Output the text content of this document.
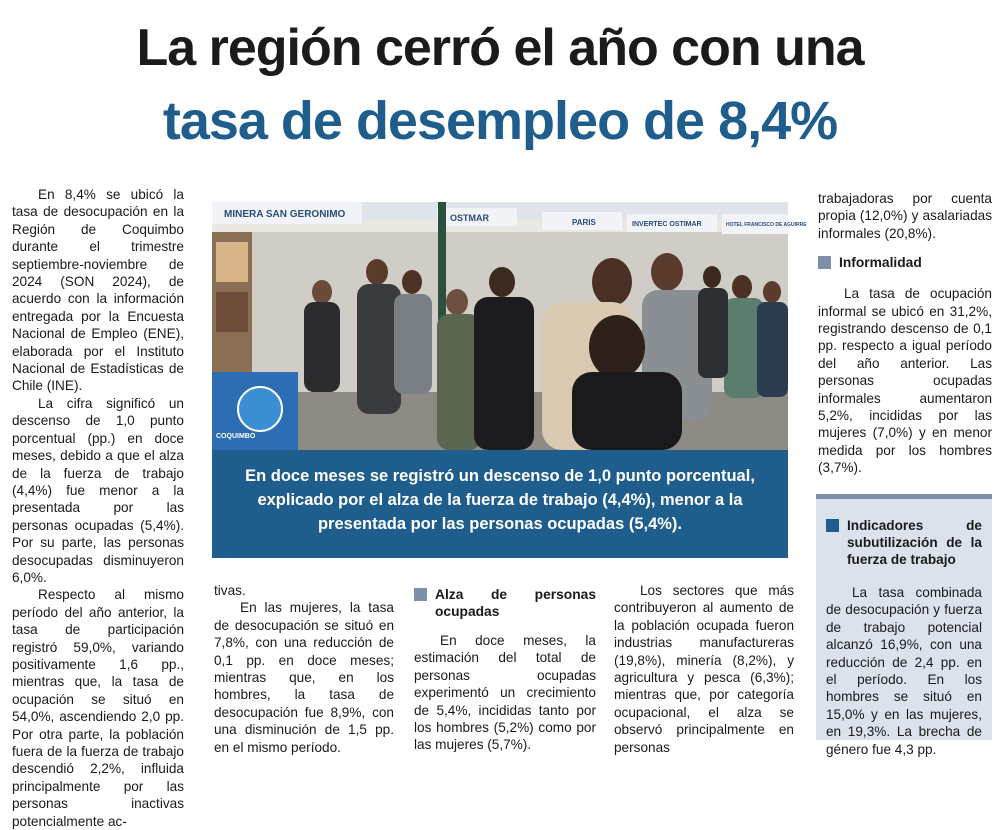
La región cerró el año con una
tasa de desempleo de 8,4%

En 8,4% se ubicó la tasa de desocupación en la Región de Coquimbo durante el trimestre septiembre-noviembre de 2024 (SON 2024), de acuerdo con la información entregada por la Encuesta Nacional de Empleo (ENE), elaborada por el Instituto Nacional de Estadísticas de Chile (INE).

La cifra significó un descenso de 1,0 punto porcentual (pp.) en doce meses, debido a que el alza de la fuerza de trabajo (4,4%) fue menor a la presentada por las personas ocupadas (5,4%). Por su parte, las personas desocupadas disminuyeron 6,0%.

Respecto al mismo período del año anterior, la tasa de participación registró 59,0%, variando positivamente 1,6 pp., mientras que, la tasa de ocupación se situó en 54,0%, ascendiendo 2,0 pp. Por otra parte, la población fuera de la fuerza de trabajo descendió 2,2%, influida principalmente por las personas inactivas potencialmente ac-

MINERA SAN GERONIMO	OSTMAR	PARIS	INVERTEC OSTIMAR	HOTEL FRANCISCO DE AGUIRRE
COQUIMBO
En doce meses se registró un descenso de 1,0 punto porcentual, explicado por el alza de la fuerza de trabajo (4,4%), menor a la presentada por las personas ocupadas (5,4%).

tivas.

En las mujeres, la tasa de desocupación se situó en 7,8%, con una reducción de 0,1 pp. en doce meses; mientras que, en los hombres, la tasa de desocupación fue 8,9%, con una disminución de 1,5 pp. en el mismo período.

Alza de personas ocupadas

En doce meses, la estimación del total de personas ocupadas experimentó un crecimiento de 5,4%, incididas tanto por los hombres (5,2%) como por las mujeres (5,7%).

Los sectores que más contribuyeron al aumento de la población ocupada fueron industrias manufactureras (19,8%), minería (8,2%), y agricultura y pesca (6,3%); mientras que, por categoría ocupacional, el alza se observó principalmente en personas

trabajadoras por cuenta propia (12,0%) y asalariadas informales (20,8%).

Informalidad

La tasa de ocupación informal se ubicó en 31,2%, registrando descenso de 0,1 pp. respecto a igual período del año anterior. Las personas ocupadas informales aumentaron 5,2%, incididas por las mujeres (7,0%) y en menor medida por los hombres (3,7%).

Indicadores de subutilización de la fuerza de trabajo

La tasa combinada de desocupación y fuerza de trabajo potencial alcanzó 16,9%, con una reducción de 2,4 pp. en el período. En los hombres se situó en 15,0% y en las mujeres, en 19,3%. La brecha de género fue 4,3 pp.
